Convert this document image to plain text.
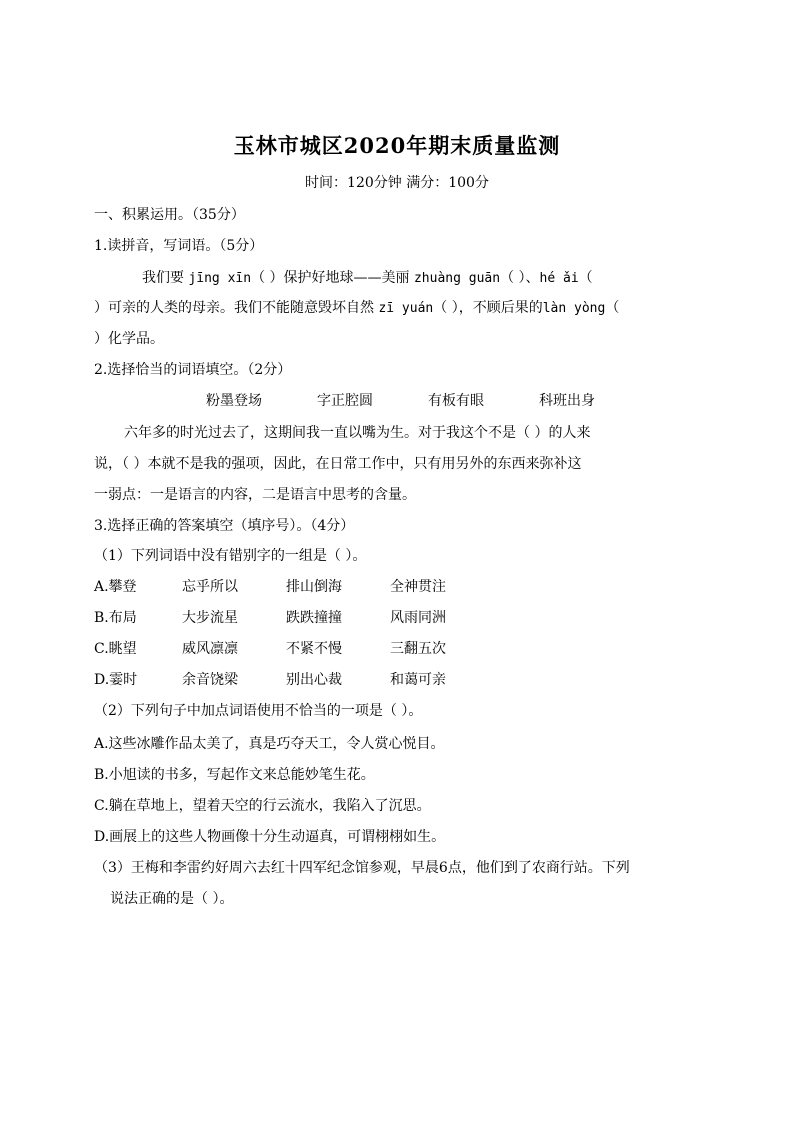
玉林市城区2020年期末质量监测
时间：120分钟 满分：100分
一、积累运用。（35分）
1.读拼音，写词语。（5分）
我们要 jīng xīn（ ）保护好地球——美丽 zhuàng guān（ ）、hé ǎi（
）可亲的人类的母亲。我们不能随意毁坏自然 zī yuán（ ），不顾后果的làn yòng（
）化学品。
2.选择恰当的词语填空。（2分）
粉墨登场	字正腔圆	有板有眼	科班出身
六年多的时光过去了，这期间我一直以嘴为生。对于我这个不是（ ）的人来
说，（ ）本就不是我的强项，因此，在日常工作中，只有用另外的东西来弥补这
一弱点：一是语言的内容，二是语言中思考的含量。
3.选择正确的答案填空（填序号）。（4分）
（1）下列词语中没有错别字的一组是（ ）。
A.攀登	忘乎所以	排山倒海	全神贯注
B.布局	大步流星	跌跌撞撞	风雨同洲
C.眺望	威风凛凛	不紧不慢	三翻五次
D.霎时	余音饶梁	别出心裁	和蔼可亲
（2）下列句子中加点词语使用不恰当的一项是（ ）。
A.这些冰雕作品太美了，真是巧夺天工，令人赏心悦目。
B.小旭读的书多，写起作文来总能妙笔生花。
C.躺在草地上，望着天空的行云流水，我陷入了沉思。
D.画展上的这些人物画像十分生动逼真，可谓栩栩如生。
（3）王梅和李雷约好周六去红十四军纪念馆参观，早晨6点，他们到了农商行站。下列
说法正确的是（ ）。
